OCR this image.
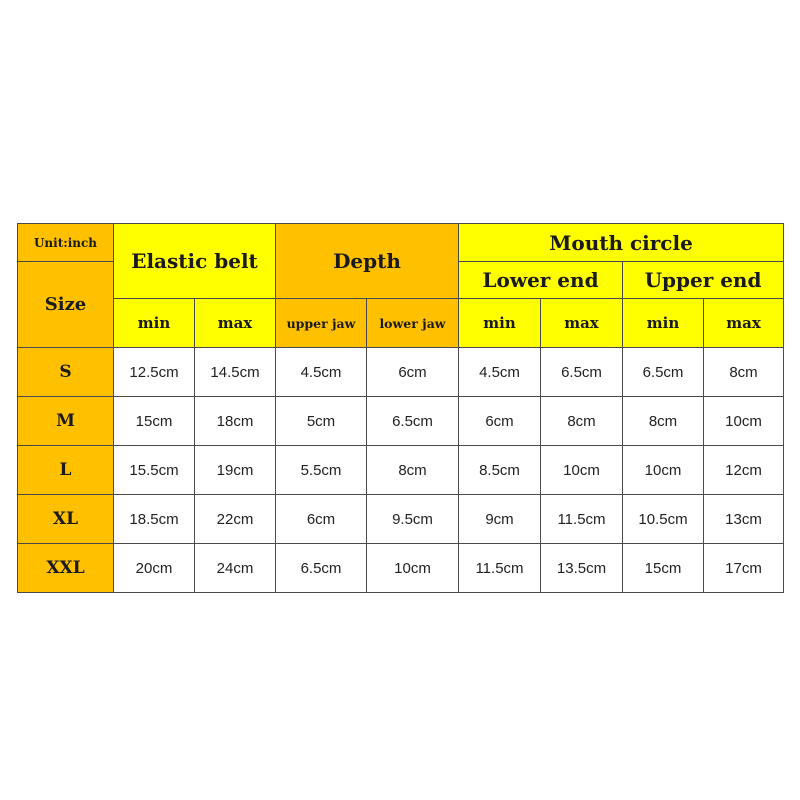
Unit:inch	Elastic belt		Depth		Mouth circle			
Size					Lower end		Upper end	
	min	max	upper jaw	lower jaw	min	max	min	max
S	12.5cm	14.5cm	4.5cm	6cm	4.5cm	6.5cm	6.5cm	8cm
M	15cm	18cm	5cm	6.5cm	6cm	8cm	8cm	10cm
L	15.5cm	19cm	5.5cm	8cm	8.5cm	10cm	10cm	12cm
XL	18.5cm	22cm	6cm	9.5cm	9cm	11.5cm	10.5cm	13cm
XXL	20cm	24cm	6.5cm	10cm	11.5cm	13.5cm	15cm	17cm
